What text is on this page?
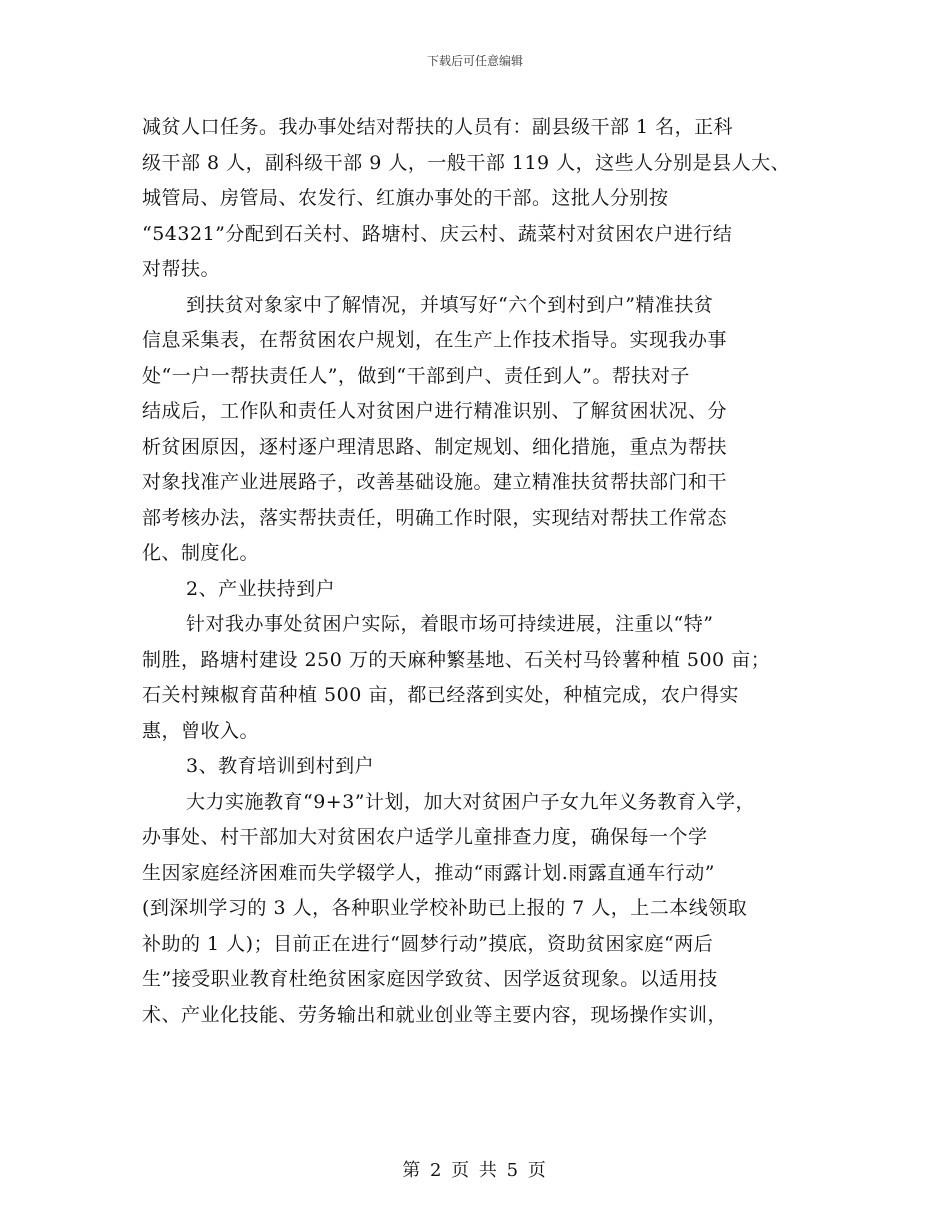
下载后可任意编辑
减贫人口任务。我办事处结对帮扶的人员有：副县级干部 1 名，正科
级干部 8 人，副科级干部 9 人，一般干部 119 人，这些人分别是县人大、
城管局、房管局、农发行、红旗办事处的干部。这批人分别按
“54321”分配到石关村、路塘村、庆云村、蔬菜村对贫困农户进行结
对帮扶。
到扶贫对象家中了解情况，并填写好“六个到村到户”精准扶贫
信息采集表，在帮贫困农户规划，在生产上作技术指导。实现我办事
处“一户一帮扶责任人”，做到“干部到户、责任到人”。帮扶对子
结成后，工作队和责任人对贫困户进行精准识别、了解贫困状况、分
析贫困原因，逐村逐户理清思路、制定规划、细化措施，重点为帮扶
对象找准产业进展路子，改善基础设施。建立精准扶贫帮扶部门和干
部考核办法，落实帮扶责任，明确工作时限，实现结对帮扶工作常态
化、制度化。
2、产业扶持到户
针对我办事处贫困户实际，着眼市场可持续进展，注重以“特”
制胜，路塘村建设 250 万的天麻种繁基地、石关村马铃薯种植 500 亩；
石关村辣椒育苗种植 500 亩，都已经落到实处，种植完成，农户得实
惠，曾收入。
3、教育培训到村到户
大力实施教育“9+3”计划，加大对贫困户子女九年义务教育入学，
办事处、村干部加大对贫困农户适学儿童排查力度，确保每一个学
生因家庭经济困难而失学辍学人，推动“雨露计划.雨露直通车行动”
(到深圳学习的 3 人，各种职业学校补助已上报的 7 人，上二本线领取
补助的 1 人)；目前正在进行“圆梦行动”摸底，资助贫困家庭“两后
生”接受职业教育杜绝贫困家庭因学致贫、因学返贫现象。以适用技
术、产业化技能、劳务输出和就业创业等主要内容，现场操作实训，
第 2 页 共 5 页
